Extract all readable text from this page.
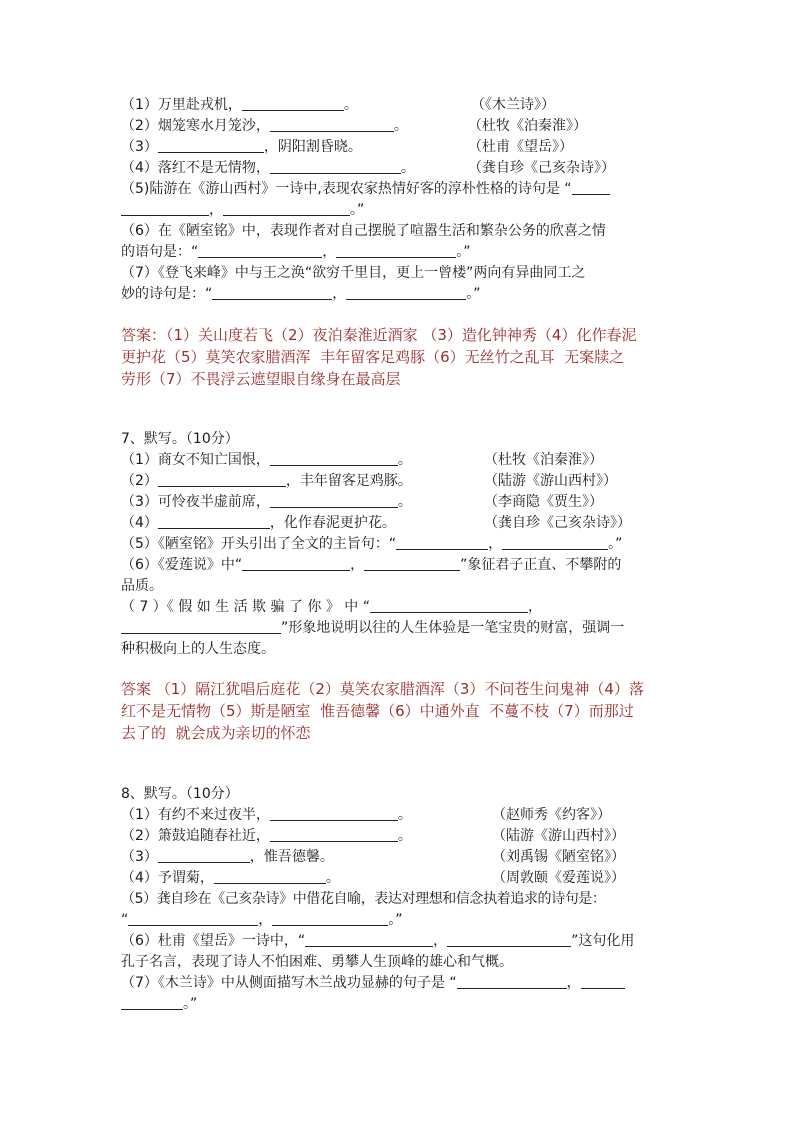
（1）万里赴戎机，	。	（《木兰诗》）
（2）烟笼寒水月笼沙，	。	（杜牧《泊秦淮》）
（3）	，阴阳割昏晓。	（杜甫《望岳》）
（4）落红不是无情物，	。	（龚自珍《己亥杂诗》）
（5)陆游在《游山西村》一诗中,表现农家热情好客的淳朴性格的诗句是 “
，	。”
（6）在《陋室铭》中，表现作者对自己摆脱了喧嚣生活和繁杂公务的欣喜之情
的语句是：“	，	。”
（7）《登飞来峰》中与王之涣“欲穷千里目，更上一曾楼”两向有异曲同工之
妙的诗句是：“	，	。”
答案：（1）关山度若飞（2）夜泊秦淮近酒家 （3）造化钟神秀（4）化作春泥
更护花（5）莫笑农家腊酒浑  丰年留客足鸡豚（6）无丝竹之乱耳  无案牍之
劳形（7）不畏浮云遮望眼自缘身在最高层
7、默写。（10分）
（1）商女不知亡国恨，	。	（杜牧《泊秦淮》）
（2）	，丰年留客足鸡豚。	（陆游《游山西村》）
（3）可怜夜半虚前席，	。	（李商隐《贾生》）
（4）	，化作春泥更护花。	（龚自珍《己亥杂诗》）
（5）《陋室铭》开头引出了全文的主旨句：“	，	。”
（6）《爱莲说》中“	，	”象征君子正直、不攀附的
品质。
（ 7 ）《 假 如 生 活 欺 骗 了 你 》 中 “	，
”形象地说明以往的人生体验是一笔宝贵的财富，强调一
种积极向上的人生态度。
答案 （1）隔江犹唱后庭花（2）莫笑农家腊酒浑（3）不问苍生问鬼神（4）落
红不是无情物（5）斯是陋室  惟吾德馨（6）中通外直  不蔓不枝（7）而那过
去了的  就会成为亲切的怀恋
8、默写。（10分）
（1）有约不来过夜半，	。	（赵师秀《约客》）
（2）箫鼓追随春社近，	。	（陆游《游山西村》）
（3）	，惟吾德馨。	（刘禹锡《陋室铭》）
（4）予谓菊，	。	（周敦颐《爱莲说》）
（5）龚自珍在《己亥杂诗》中借花自喻，表达对理想和信念执着追求的诗句是：
“	，	。”
（6）杜甫《望岳》一诗中，“	，	”这句化用
孔子名言，表现了诗人不怕困难、勇攀人生顶峰的雄心和气概。
（7）《木兰诗》中从侧面描写木兰战功显赫的句子是 “	，
。”
